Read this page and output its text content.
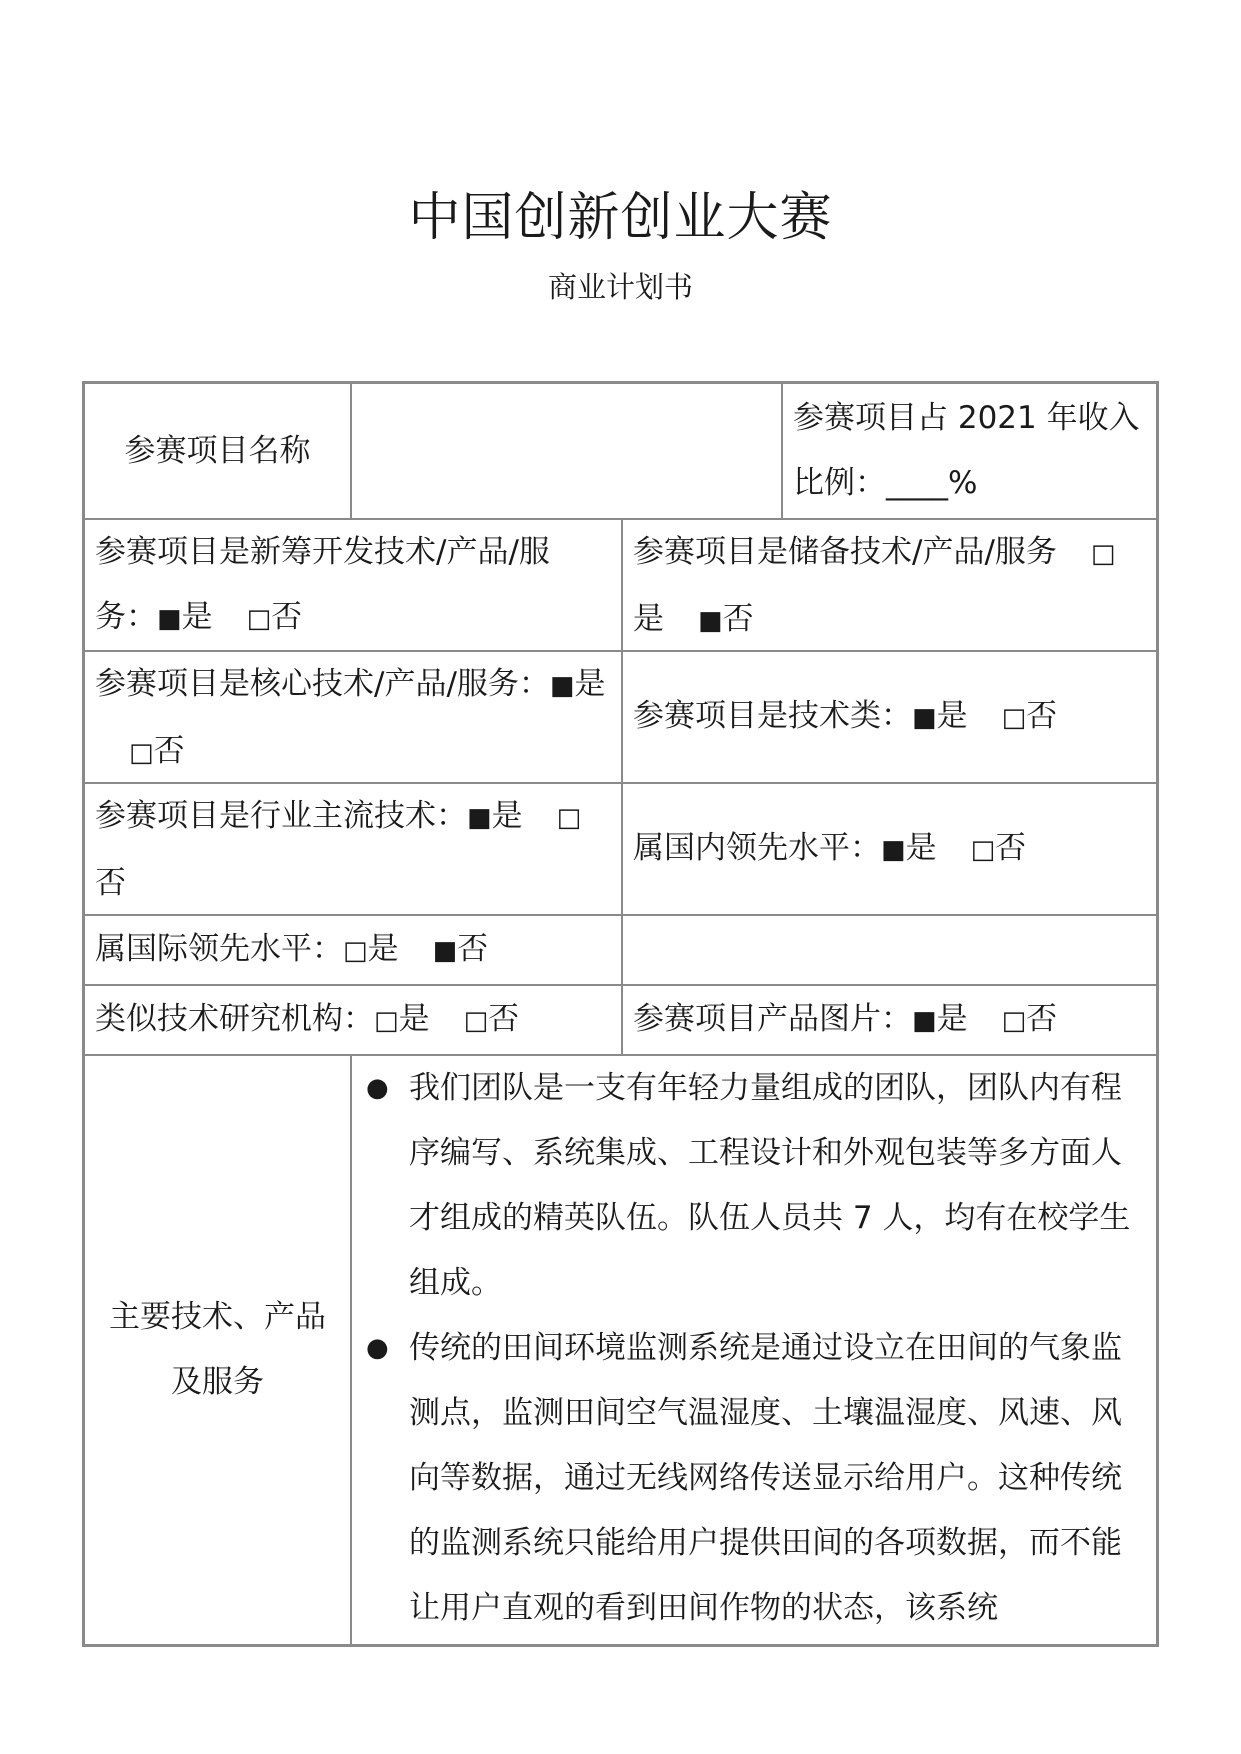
中国创新创业大赛
商业计划书
参赛项目名称
参赛项目占 2021 年收入比例：____%
参赛项目是新筹开发技术/产品/服务：■是 □否
参赛项目是储备技术/产品/服务 □是 ■否
参赛项目是核心技术/产品/服务：■是□否
参赛项目是技术类：■是 □否
参赛项目是行业主流技术：■是 □否
属国内领先水平：■是 □否
属国际领先水平：□是 ■否
类似技术研究机构：□是 □否	参赛项目产品图片：■是 □否
主要技术、产品及服务
● 我们团队是一支有年轻力量组成的团队，团队内有程序编写、系统集成、工程设计和外观包装等多方面人才组成的精英队伍。队伍人员共 7 人，均有在校学生组成。
● 传统的田间环境监测系统是通过设立在田间的气象监测点，监测田间空气温湿度、土壤温湿度、风速、风向等数据，通过无线网络传送显示给用户。这种传统的监测系统只能给用户提供田间的各项数据，而不能让用户直观的看到田间作物的状态，该系统
